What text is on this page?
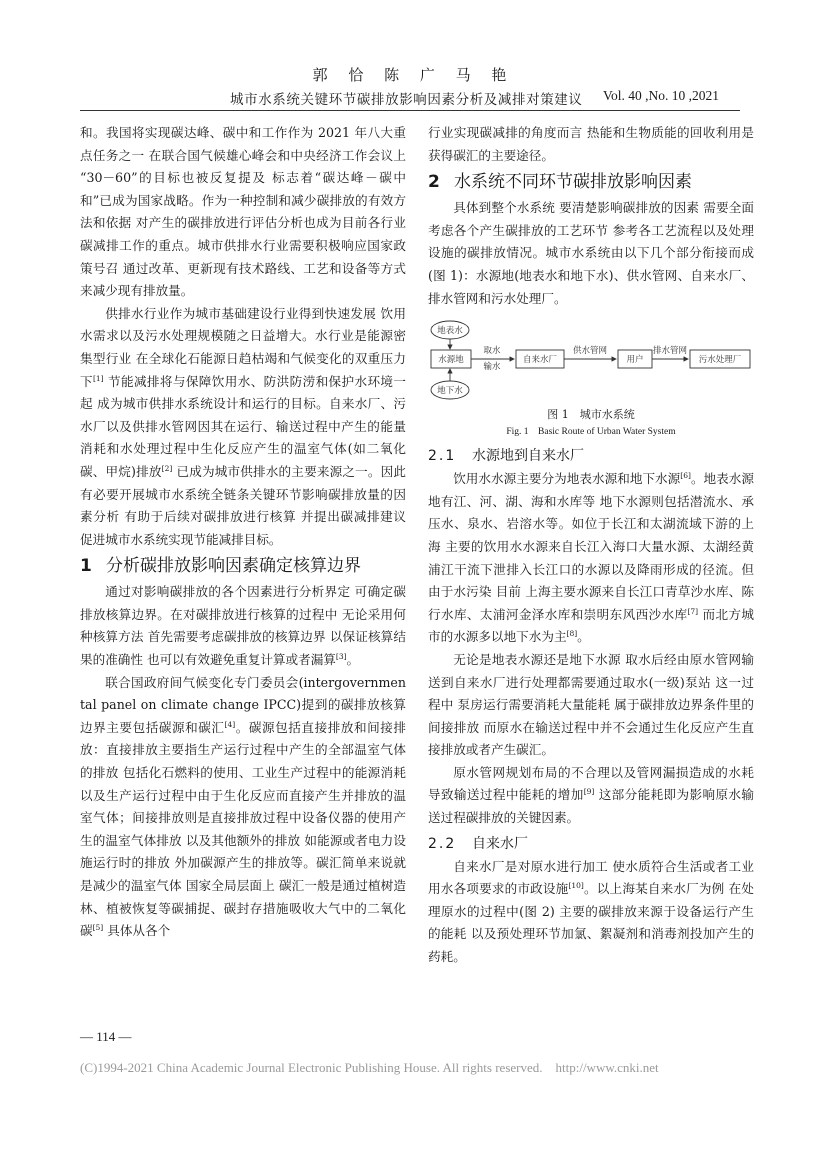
郭 恰 陈 广 马 艳
城市水系统关键环节碳排放影响因素分析及减排对策建议 Vol. 40 ,No. 10 ,2021

和。我国将实现碳达峰、碳中和工作作为 2021 年八大重点任务之一 在联合国气候雄心峰会和中央经济工作会议上 “30－60”的目标也被反复提及 标志着“碳达峰－碳中和”已成为国家战略。作为一种控制和减少碳排放的有效方法和依据 对产生的碳排放进行评估分析也成为目前各行业碳减排工作的重点。城市供排水行业需要积极响应国家政策号召 通过改革、更新现有技术路线、工艺和设备等方式来减少现有排放量。

供排水行业作为城市基础建设行业得到快速发展 饮用水需求以及污水处理规模随之日益增大。水行业是能源密集型行业 在全球化石能源日趋枯竭和气候变化的双重压力下[1] 节能减排将与保障饮用水、防洪防涝和保护水环境一起 成为城市供排水系统设计和运行的目标。自来水厂、污水厂以及供排水管网因其在运行、输送过程中产生的能量消耗和水处理过程中生化反应产生的温室气体(如二氧化碳、甲烷)排放[2] 已成为城市供排水的主要来源之一。因此 有必要开展城市水系统全链条关键环节影响碳排放量的因素分析 有助于后续对碳排放进行核算 并提出碳减排建议 促进城市水系统实现节能减排目标。

1 分析碳排放影响因素确定核算边界

通过对影响碳排放的各个因素进行分析界定 可确定碳排放核算边界。在对碳排放进行核算的过程中 无论采用何种核算方法 首先需要考虑碳排放的核算边界 以保证核算结果的准确性 也可以有效避免重复计算或者漏算[3]。

联合国政府间气候变化专门委员会(intergovernmental panel on climate change IPCC)提到的碳排放核算边界主要包括碳源和碳汇[4]。碳源包括直接排放和间接排放：直接排放主要指生产运行过程中产生的全部温室气体的排放 包括化石燃料的使用、工业生产过程中的能源消耗 以及生产运行过程中由于生化反应而直接产生并排放的温室气体；间接排放则是直接排放过程中设备仪器的使用产生的温室气体排放 以及其他额外的排放 如能源或者电力设施运行时的排放 外加碳源产生的排放等。碳汇简单来说就是减少的温室气体 国家全局层面上 碳汇一般是通过植树造林、植被恢复等碳捕捉、碳封存措施吸收大气中的二氧化碳[5] 具体从各个

行业实现碳减排的角度而言 热能和生物质能的回收利用是获得碳汇的主要途径。

2 水系统不同环节碳排放影响因素

具体到整个水系统 要清楚影响碳排放的因素 需要全面考虑各个产生碳排放的工艺环节 参考各工艺流程以及处理设施的碳排放情况。城市水系统由以下几个部分衔接而成(图 1)：水源地(地表水和地下水)、供水管网、自来水厂、排水管网和污水处理厂。

地表水
水源地
地下水
取水
输水
自来水厂
供水管网
用户
排水管网
污水处理厂
图 1　城市水系统
Fig. 1　Basic Route of Urban Water System
2.1 水源地到自来水厂

饮用水水源主要分为地表水源和地下水源[6]。地表水源地有江、河、湖、海和水库等 地下水源则包括潜流水、承压水、泉水、岩溶水等。如位于长江和太湖流域下游的上海 主要的饮用水水源来自长江入海口大量水源、太湖经黄浦江干流下泄排入长江口的水源以及降雨形成的径流。但由于水污染 目前 上海主要水源来自长江口青草沙水库、陈行水库、太浦河金泽水库和崇明东风西沙水库[7] 而北方城市的水源多以地下水为主[8]。

无论是地表水源还是地下水源 取水后经由原水管网输送到自来水厂进行处理都需要通过取水(一级)泵站 这一过程中 泵房运行需要消耗大量能耗 属于碳排放边界条件里的间接排放 而原水在输送过程中并不会通过生化反应产生直接排放或者产生碳汇。

原水管网规划布局的不合理以及管网漏损造成的水耗导致输送过程中能耗的增加[9] 这部分能耗即为影响原水输送过程碳排放的关键因素。

2.2 自来水厂

自来水厂是对原水进行加工 使水质符合生活或者工业用水各项要求的市政设施[10]。以上海某自来水厂为例 在处理原水的过程中(图 2) 主要的碳排放来源于设备运行产生的能耗 以及预处理环节加氯、絮凝剂和消毒剂投加产生的药耗。

— 114 —
(C)1994-2021 China Academic Journal Electronic Publishing House. All rights reserved.    http://www.cnki.net
